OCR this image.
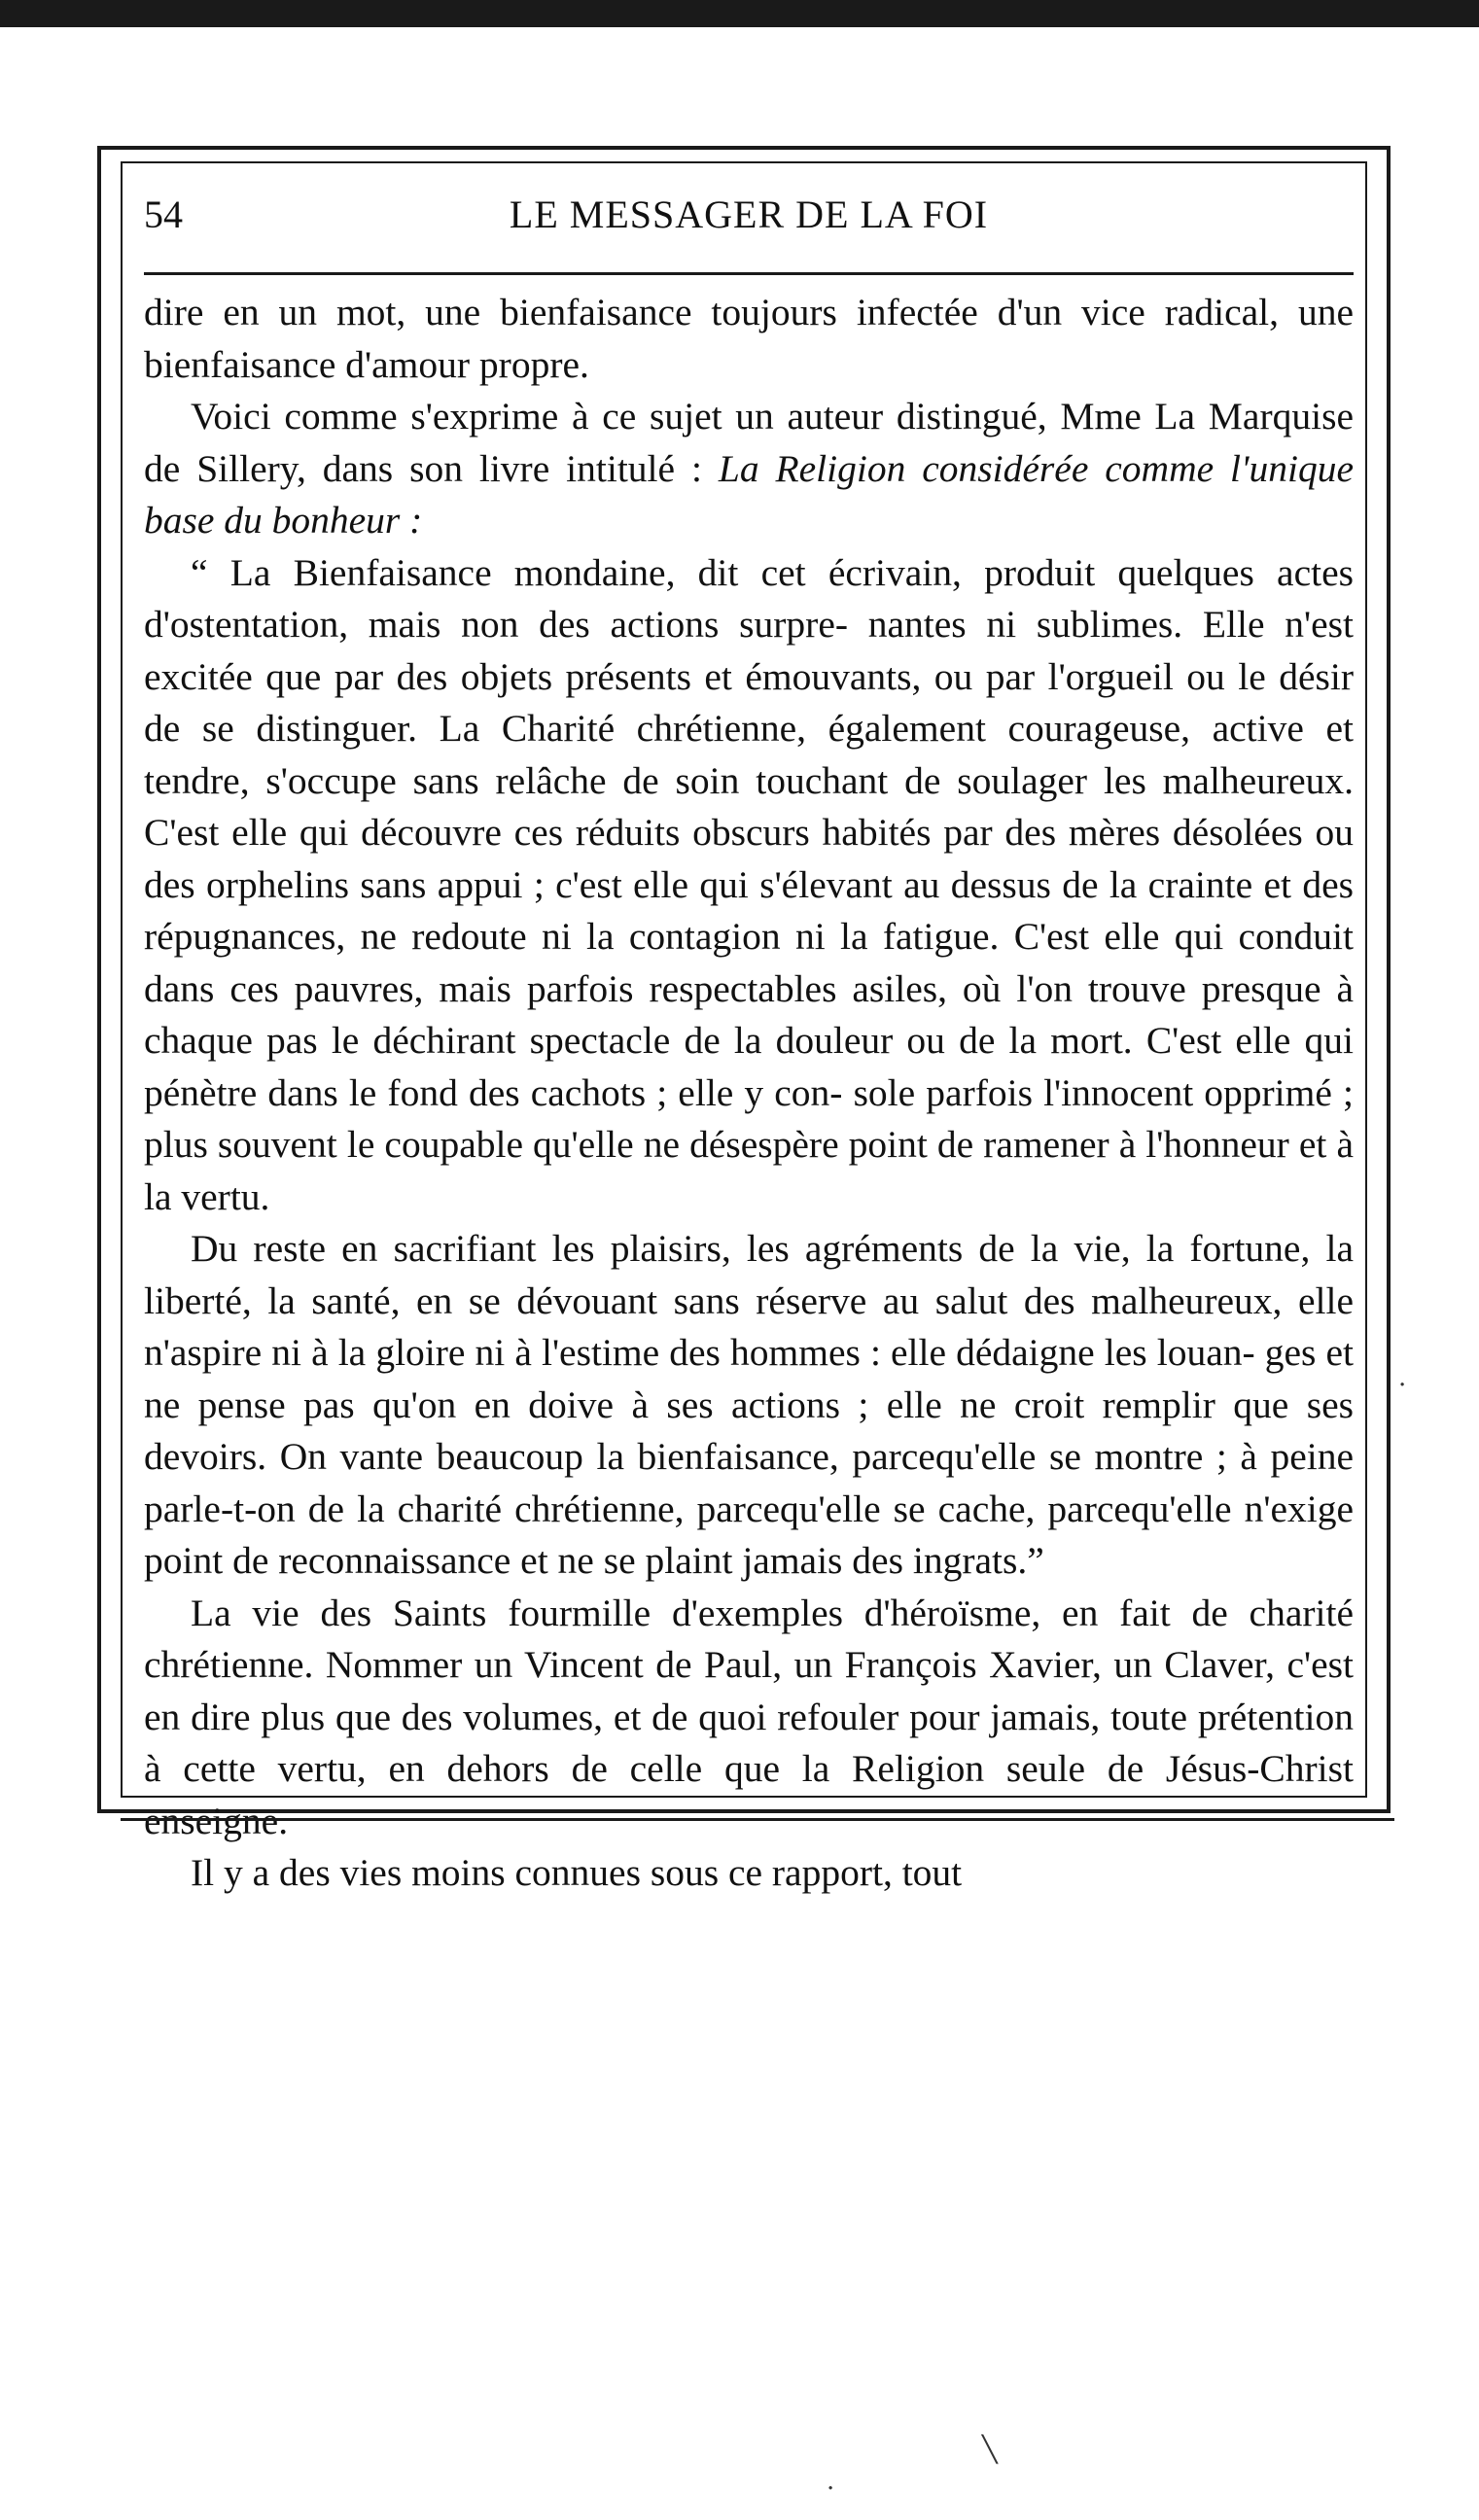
54	LE MESSAGER DE LA FOI

dire en un mot, une bienfaisance toujours infectée d'un vice radical, une bienfaisance d'amour propre.

Voici comme s'exprime à ce sujet un auteur distingué, Mme La Marquise de Sillery, dans son livre intitulé : La Religion considérée comme l'unique base du bonheur :

“ La Bienfaisance mondaine, dit cet écrivain, produit quelques actes d'ostentation, mais non des actions surpre- nantes ni sublimes. Elle n'est excitée que par des objets présents et émouvants, ou par l'orgueil ou le désir de se distinguer. La Charité chrétienne, également courageuse, active et tendre, s'occupe sans relâche de soin touchant de soulager les malheureux. C'est elle qui découvre ces réduits obscurs habités par des mères désolées ou des orphelins sans appui ; c'est elle qui s'élevant au dessus de la crainte et des répugnances, ne redoute ni la contagion ni la fatigue. C'est elle qui conduit dans ces pauvres, mais parfois respectables asiles, où l'on trouve presque à chaque pas le déchirant spectacle de la douleur ou de la mort. C'est elle qui pénètre dans le fond des cachots ; elle y con- sole parfois l'innocent opprimé ; plus souvent le coupable qu'elle ne désespère point de ramener à l'honneur et à la vertu.

Du reste en sacrifiant les plaisirs, les agréments de la vie, la fortune, la liberté, la santé, en se dévouant sans réserve au salut des malheureux, elle n'aspire ni à la gloire ni à l'estime des hommes : elle dédaigne les louan- ges et ne pense pas qu'on en doive à ses actions ; elle ne croit remplir que ses devoirs. On vante beaucoup la bienfaisance, parcequ'elle se montre ; à peine parle-t-on de la charité chrétienne, parcequ'elle se cache, parcequ'elle n'exige point de reconnaissance et ne se plaint jamais des ingrats.”

La vie des Saints fourmille d'exemples d'héroïsme, en fait de charité chrétienne. Nommer un Vincent de Paul, un François Xavier, un Claver, c'est en dire plus que des volumes, et de quoi refouler pour jamais, toute prétention à cette vertu, en dehors de celle que la Religion seule de Jésus-Christ enseigne.

Il y a des vies moins connues sous ce rapport, tout

·
╲
·
